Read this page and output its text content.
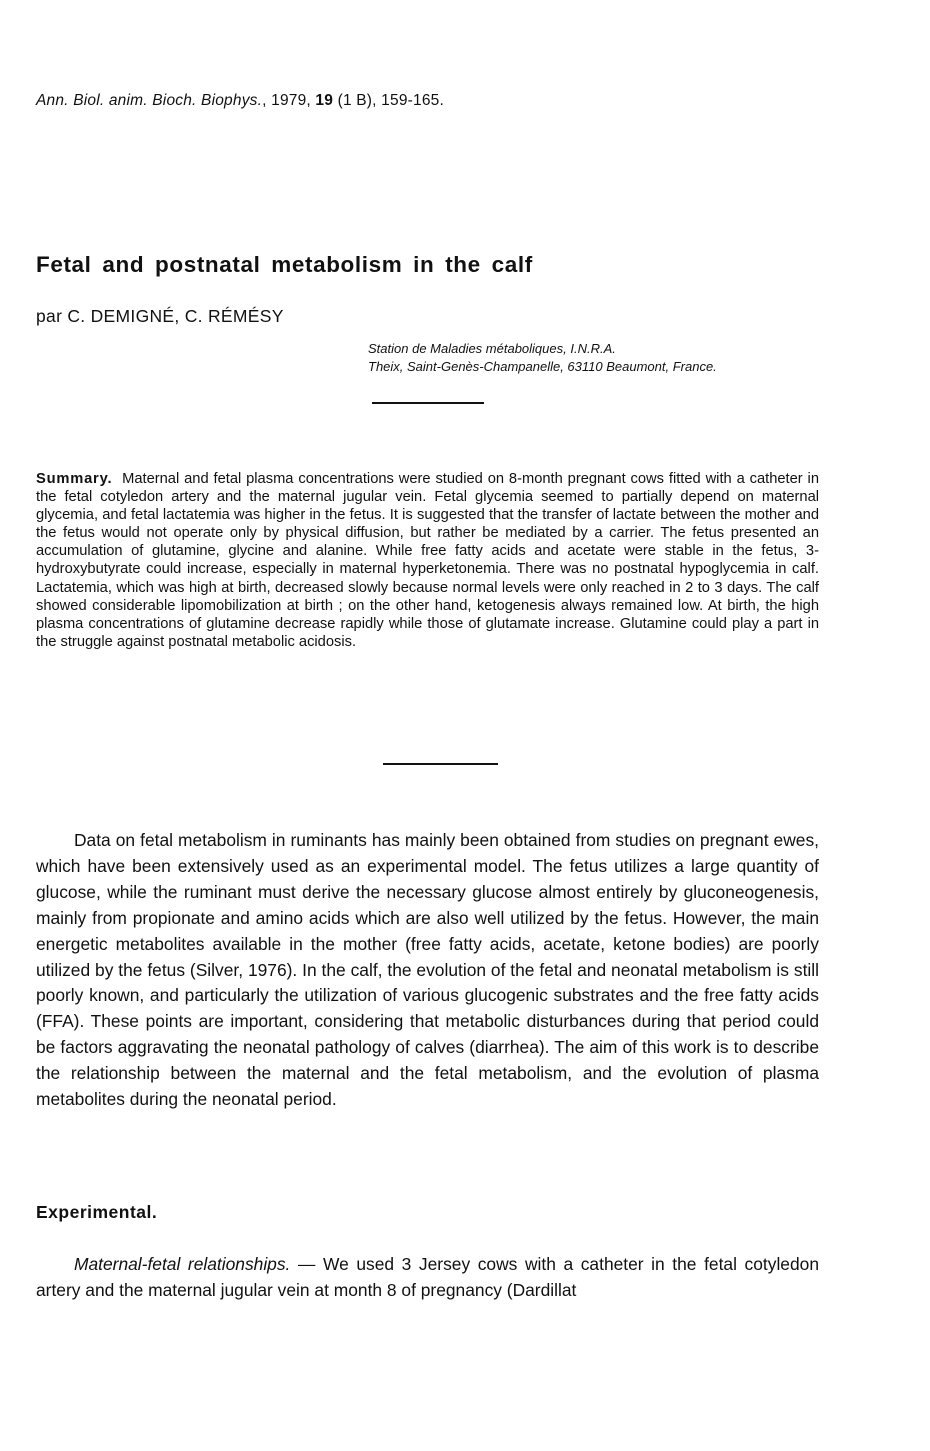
Ann. Biol. anim. Bioch. Biophys., 1979, 19 (1 B), 159-165.
Fetal and postnatal metabolism in the calf
par C. DEMIGNÉ, C. RÉMÉSY
Station de Maladies métaboliques, I.N.R.A.
Theix, Saint-Genès-Champanelle, 63110 Beaumont, France.

Summary. Maternal and fetal plasma concentrations were studied on 8-month pregnant cows fitted with a catheter in the fetal cotyledon artery and the maternal jugular vein. Fetal glycemia seemed to partially depend on maternal glycemia, and fetal lactatemia was higher in the fetus. It is suggested that the transfer of lactate between the mother and the fetus would not operate only by physical diffusion, but rather be mediated by a carrier. The fetus presented an accumulation of glutamine, glycine and alanine. While free fatty acids and acetate were stable in the fetus, 3-hydroxybutyrate could increase, especially in maternal hyperketonemia. There was no postnatal hypoglycemia in calf. Lactatemia, which was high at birth, decreased slowly because normal levels were only reached in 2 to 3 days. The calf showed considerable lipomobilization at birth ; on the other hand, ketogenesis always remained low. At birth, the high plasma concentrations of glutamine decrease rapidly while those of glutamate increase. Glutamine could play a part in the struggle against postnatal metabolic acidosis.

Data on fetal metabolism in ruminants has mainly been obtained from studies on pregnant ewes, which have been extensively used as an experimental model. The fetus utilizes a large quantity of glucose, while the ruminant must derive the necessary glucose almost entirely by gluconeogenesis, mainly from propionate and amino acids which are also well utilized by the fetus. However, the main energetic metabolites available in the mother (free fatty acids, acetate, ketone bodies) are poorly utilized by the fetus (Silver, 1976). In the calf, the evolution of the fetal and neonatal metabolism is still poorly known, and particularly the utilization of various glucogenic substrates and the free fatty acids (FFA). These points are important, considering that metabolic disturbances during that period could be factors aggravating the neonatal pathology of calves (diarrhea). The aim of this work is to describe the relationship between the maternal and the fetal metabolism, and the evolution of plasma metabolites during the neonatal period.

Experimental.

Maternal-fetal relationships. — We used 3 Jersey cows with a catheter in the fetal cotyledon artery and the maternal jugular vein at month 8 of pregnancy (Dardillat
